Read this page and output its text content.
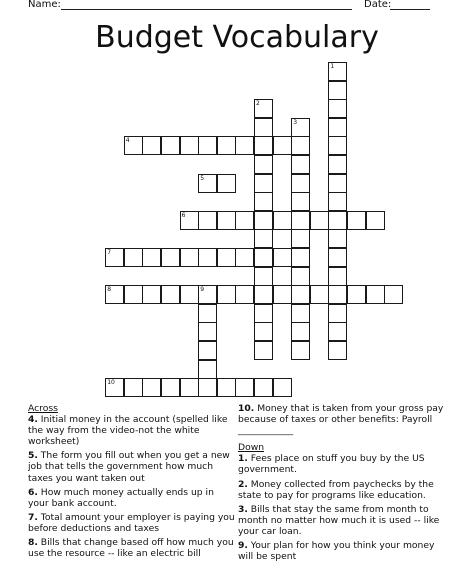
Name:	Date:
Budget Vocabulary
1
2
3
4
5
6
7
8	9
10
Across
4. Initial money in the account (spelled like the way from the video-not the white worksheet)
5. The form you fill out when you get a new job that tells the government how much taxes you want taken out
6. How much money actually ends up in your bank account.
7. Total amount your employer is paying you before deductions and taxes
8. Bills that change based off how much you use the resource -- like an electric bill
10. Money that is taken from your gross pay because of taxes or other benefits: Payroll ____________
Down
1. Fees place on stuff you buy by the US government.
2. Money collected from paychecks by the state to pay for programs like education.
3. Bills that stay the same from month to month no matter how much it is used -- like your car loan.
9. Your plan for how you think your money will be spent
